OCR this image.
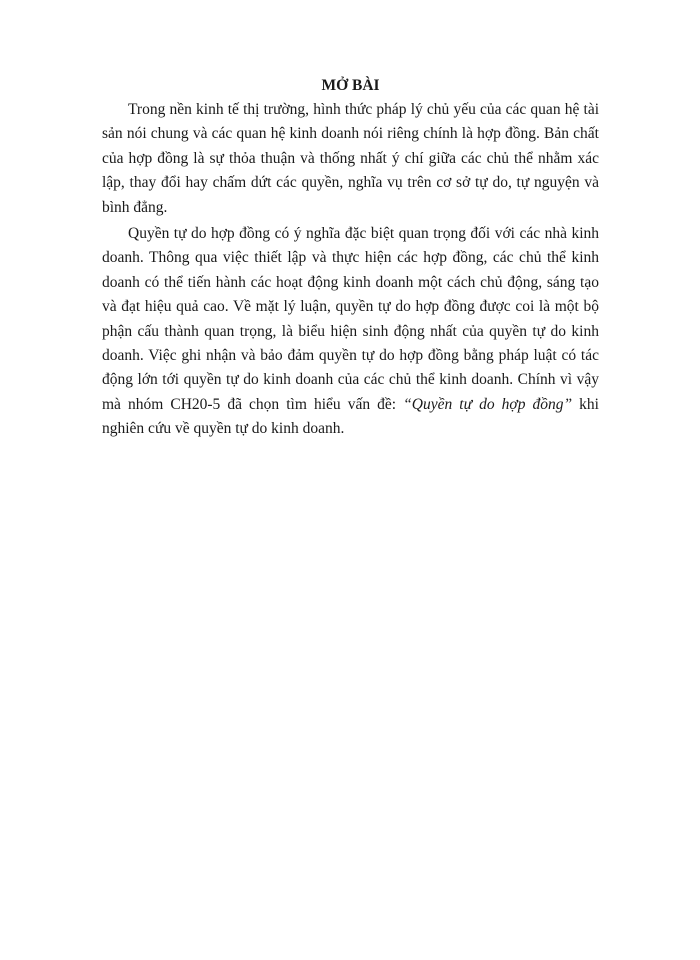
MỞ BÀI

Trong nền kinh tế thị trường, hình thức pháp lý chủ yếu của các quan hệ tài sản nói chung và các quan hệ kinh doanh nói riêng chính là hợp đồng. Bản chất của hợp đồng là sự thỏa thuận và thống nhất ý chí giữa các chủ thể nhằm xác lập, thay đổi hay chấm dứt các quyền, nghĩa vụ trên cơ sở tự do, tự nguyện và bình đẳng.

Quyền tự do hợp đồng có ý nghĩa đặc biệt quan trọng đối với các nhà kinh doanh. Thông qua việc thiết lập và thực hiện các hợp đồng, các chủ thể kinh doanh có thể tiến hành các hoạt động kinh doanh một cách chủ động, sáng tạo và đạt hiệu quả cao. Về mặt lý luận, quyền tự do hợp đồng được coi là một bộ phận cấu thành quan trọng, là biểu hiện sinh động nhất của quyền tự do kinh doanh. Việc ghi nhận và bảo đảm quyền tự do hợp đồng bằng pháp luật có tác động lớn tới quyền tự do kinh doanh của các chủ thể kinh doanh. Chính vì vậy mà nhóm CH20-5 đã chọn tìm hiểu vấn đề: “Quyền tự do hợp đồng” khi nghiên cứu về quyền tự do kinh doanh.
